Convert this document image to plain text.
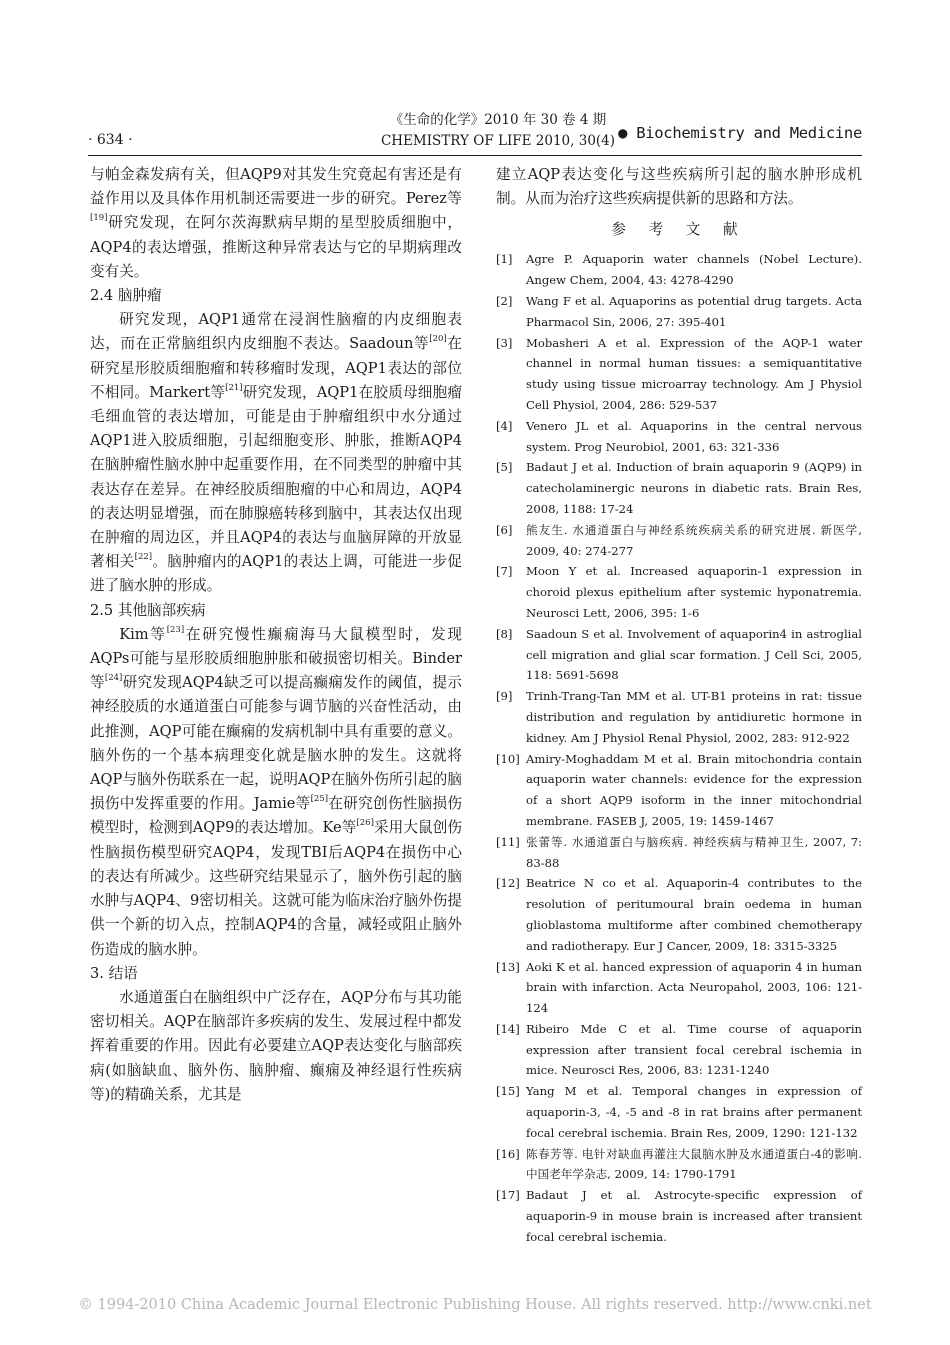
· 634 ·
《生命的化学》2010 年 30 卷 4 期
CHEMISTRY OF LIFE 2010, 30(4) ● Biochemistry and Medicine

与帕金森发病有关，但AQP9对其发生究竟起有害还是有益作用以及具体作用机制还需要进一步的研究。Perez等[19]研究发现，在阿尔茨海默病早期的星型胶质细胞中，AQP4的表达增强，推断这种异常表达与它的早期病理改变有关。

2.4 脑肿瘤

研究发现，AQP1通常在浸润性脑瘤的内皮细胞表达，而在正常脑组织内皮细胞不表达。Saadoun等[20]在研究星形胶质细胞瘤和转移瘤时发现，AQP1表达的部位不相同。Markert等[21]研究发现，AQP1在胶质母细胞瘤毛细血管的表达增加，可能是由于肿瘤组织中水分通过AQP1进入胶质细胞，引起细胞变形、肿胀，推断AQP4在脑肿瘤性脑水肿中起重要作用，在不同类型的肿瘤中其表达存在差异。在神经胶质细胞瘤的中心和周边，AQP4的表达明显增强，而在肺腺癌转移到脑中，其表达仅出现在肿瘤的周边区，并且AQP4的表达与血脑屏障的开放显著相关[22]。脑肿瘤内的AQP1的表达上调，可能进一步促进了脑水肿的形成。

2.5 其他脑部疾病

Kim等[23]在研究慢性癫痫海马大鼠模型时，发现AQPs可能与星形胶质细胞肿胀和破损密切相关。Binder等[24]研究发现AQP4缺乏可以提高癫痫发作的阈值，提示神经胶质的水通道蛋白可能参与调节脑的兴奋性活动，由此推测，AQP可能在癫痫的发病机制中具有重要的意义。脑外伤的一个基本病理变化就是脑水肿的发生。这就将AQP与脑外伤联系在一起，说明AQP在脑外伤所引起的脑损伤中发挥重要的作用。Jamie等[25]在研究创伤性脑损伤模型时，检测到AQP9的表达增加。Ke等[26]采用大鼠创伤性脑损伤模型研究AQP4，发现TBI后AQP4在损伤中心的表达有所减少。这些研究结果显示了，脑外伤引起的脑水肿与AQP4、9密切相关。这就可能为临床治疗脑外伤提供一个新的切入点，控制AQP4的含量，减轻或阻止脑外伤造成的脑水肿。

3. 结语

水通道蛋白在脑组织中广泛存在，AQP分布与其功能密切相关。AQP在脑部许多疾病的发生、发展过程中都发挥着重要的作用。因此有必要建立AQP表达变化与脑部疾病(如脑缺血、脑外伤、脑肿瘤、癫痫及神经退行性疾病等)的精确关系，尤其是

建立AQP表达变化与这些疾病所引起的脑水肿形成机制。从而为治疗这些疾病提供新的思路和方法。

参 考 文 献

[1] Agre P. Aquaporin water channels (Nobel Lecture). Angew Chem, 2004, 43: 4278-4290

[2] Wang F et al. Aquaporins as potential drug targets. Acta Pharmacol Sin, 2006, 27: 395-401

[3] Mobasheri A et al. Expression of the AQP-1 water channel in normal human tissues: a semiquantitative study using tissue microarray technology. Am J Physiol Cell Physiol, 2004, 286: 529-537

[4] Venero JL et al. Aquaporins in the central nervous system. Prog Neurobiol, 2001, 63: 321-336

[5] Badaut J et al. Induction of brain aquaporin 9 (AQP9) in catecholaminergic neurons in diabetic rats. Brain Res, 2008, 1188: 17-24

[6] 熊友生. 水通道蛋白与神经系统疾病关系的研究进展. 新医学, 2009, 40: 274-277

[7] Moon Y et al. Increased aquaporin-1 expression in choroid plexus epithelium after systemic hyponatremia. Neurosci Lett, 2006, 395: 1-6

[8] Saadoun S et al. Involvement of aquaporin4 in astroglial cell migration and glial scar formation. J Cell Sci, 2005, 118: 5691-5698

[9] Trinh-Trang-Tan MM et al. UT-B1 proteins in rat: tissue distribution and regulation by antidiuretic hormone in kidney. Am J Physiol Renal Physiol, 2002, 283: 912-922

[10] Amiry-Moghaddam M et al. Brain mitochondria contain aquaporin water channels: evidence for the expression of a short AQP9 isoform in the inner mitochondrial membrane. FASEB J, 2005, 19: 1459-1467

[11] 张蕾等. 水通道蛋白与脑疾病. 神经疾病与精神卫生, 2007, 7: 83-88

[12] Beatrice N co et al. Aquaporin-4 contributes to the resolution of peritumoural brain oedema in human glioblastoma multiforme after combined chemotherapy and radiotherapy. Eur J Cancer, 2009, 18: 3315-3325

[13] Aoki K et al. hanced expression of aquaporin 4 in human brain with infarction. Acta Neuropahol, 2003, 106: 121-124

[14] Ribeiro Mde C et al. Time course of aquaporin expression after transient focal cerebral ischemia in mice. Neurosci Res, 2006, 83: 1231-1240

[15] Yang M et al. Temporal changes in expression of aquaporin-3, -4, -5 and -8 in rat brains after permanent focal cerebral ischemia. Brain Res, 2009, 1290: 121-132

[16] 陈春芳等. 电针对缺血再灌注大鼠脑水肿及水通道蛋白-4的影响. 中国老年学杂志, 2009, 14: 1790-1791

[17] Badaut J et al. Astrocyte-specific expression of aquaporin-9 in mouse brain is increased after transient focal cerebral ischemia.

© 1994-2010 China Academic Journal Electronic Publishing House. All rights reserved. http://www.cnki.net
